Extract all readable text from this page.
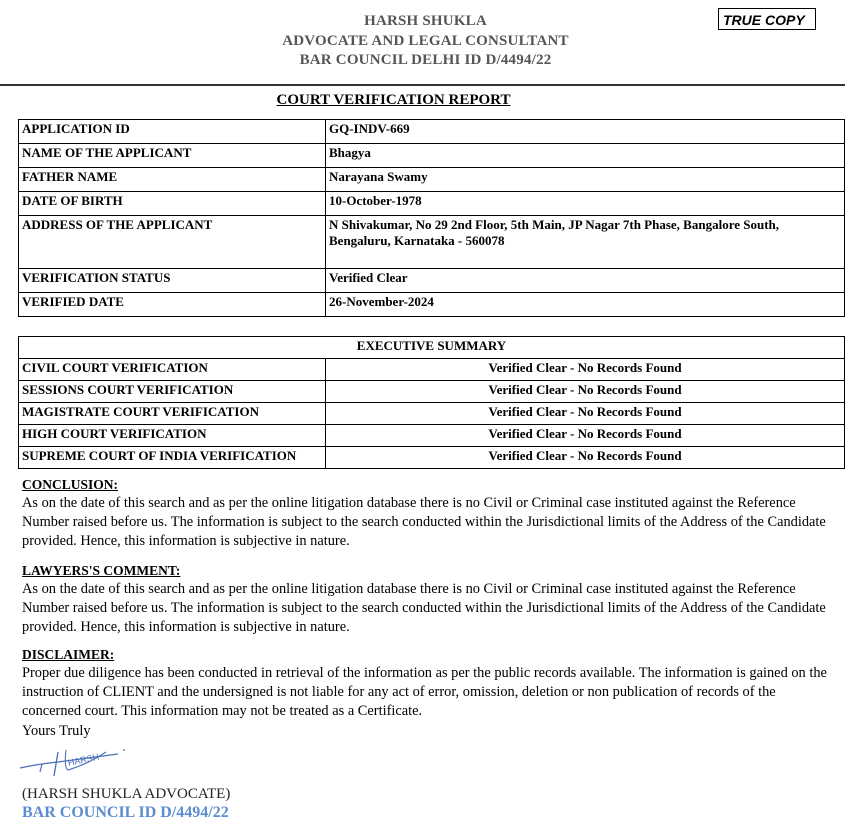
HARSH SHUKLA
ADVOCATE AND LEGAL CONSULTANT
BAR COUNCIL DELHI ID D/4494/22
TRUE COPY
COURT VERIFICATION REPORT
APPLICATION ID	GQ-INDV-669
NAME OF THE APPLICANT	Bhagya
FATHER NAME	Narayana Swamy
DATE OF BIRTH	10-October-1978
ADDRESS OF THE APPLICANT	N Shivakumar, No 29 2nd Floor, 5th Main, JP Nagar 7th Phase, Bangalore South, Bengaluru, Karnataka - 560078
VERIFICATION STATUS	Verified Clear
VERIFIED DATE	26-November-2024
EXECUTIVE SUMMARY	
CIVIL COURT VERIFICATION	Verified Clear - No Records Found
SESSIONS COURT VERIFICATION	Verified Clear - No Records Found
MAGISTRATE COURT VERIFICATION	Verified Clear - No Records Found
HIGH COURT VERIFICATION	Verified Clear - No Records Found
SUPREME COURT OF INDIA VERIFICATION	Verified Clear - No Records Found
CONCLUSION:
As on the date of this search and as per the online litigation database there is no Civil or Criminal case instituted against the Reference Number raised before us. The information is subject to the search conducted within the Jurisdictional limits of the Address of the Candidate provided. Hence, this information is subjective in nature.
LAWYERS'S COMMENT:
As on the date of this search and as per the online litigation database there is no Civil or Criminal case instituted against the Reference Number raised before us. The information is subject to the search conducted within the Jurisdictional limits of the Address of the Candidate provided. Hence, this information is subjective in nature.
DISCLAIMER:
Proper due diligence has been conducted in retrieval of the information as per the public records available. The information is gained on the instruction of CLIENT and the undersigned is not liable for any act of error, omission, deletion or non publication of records of the concerned court. This information may not be treated as a Certificate.
Yours Truly
HARSH
(HARSH SHUKLA ADVOCATE)
BAR COUNCIL ID D/4494/22
